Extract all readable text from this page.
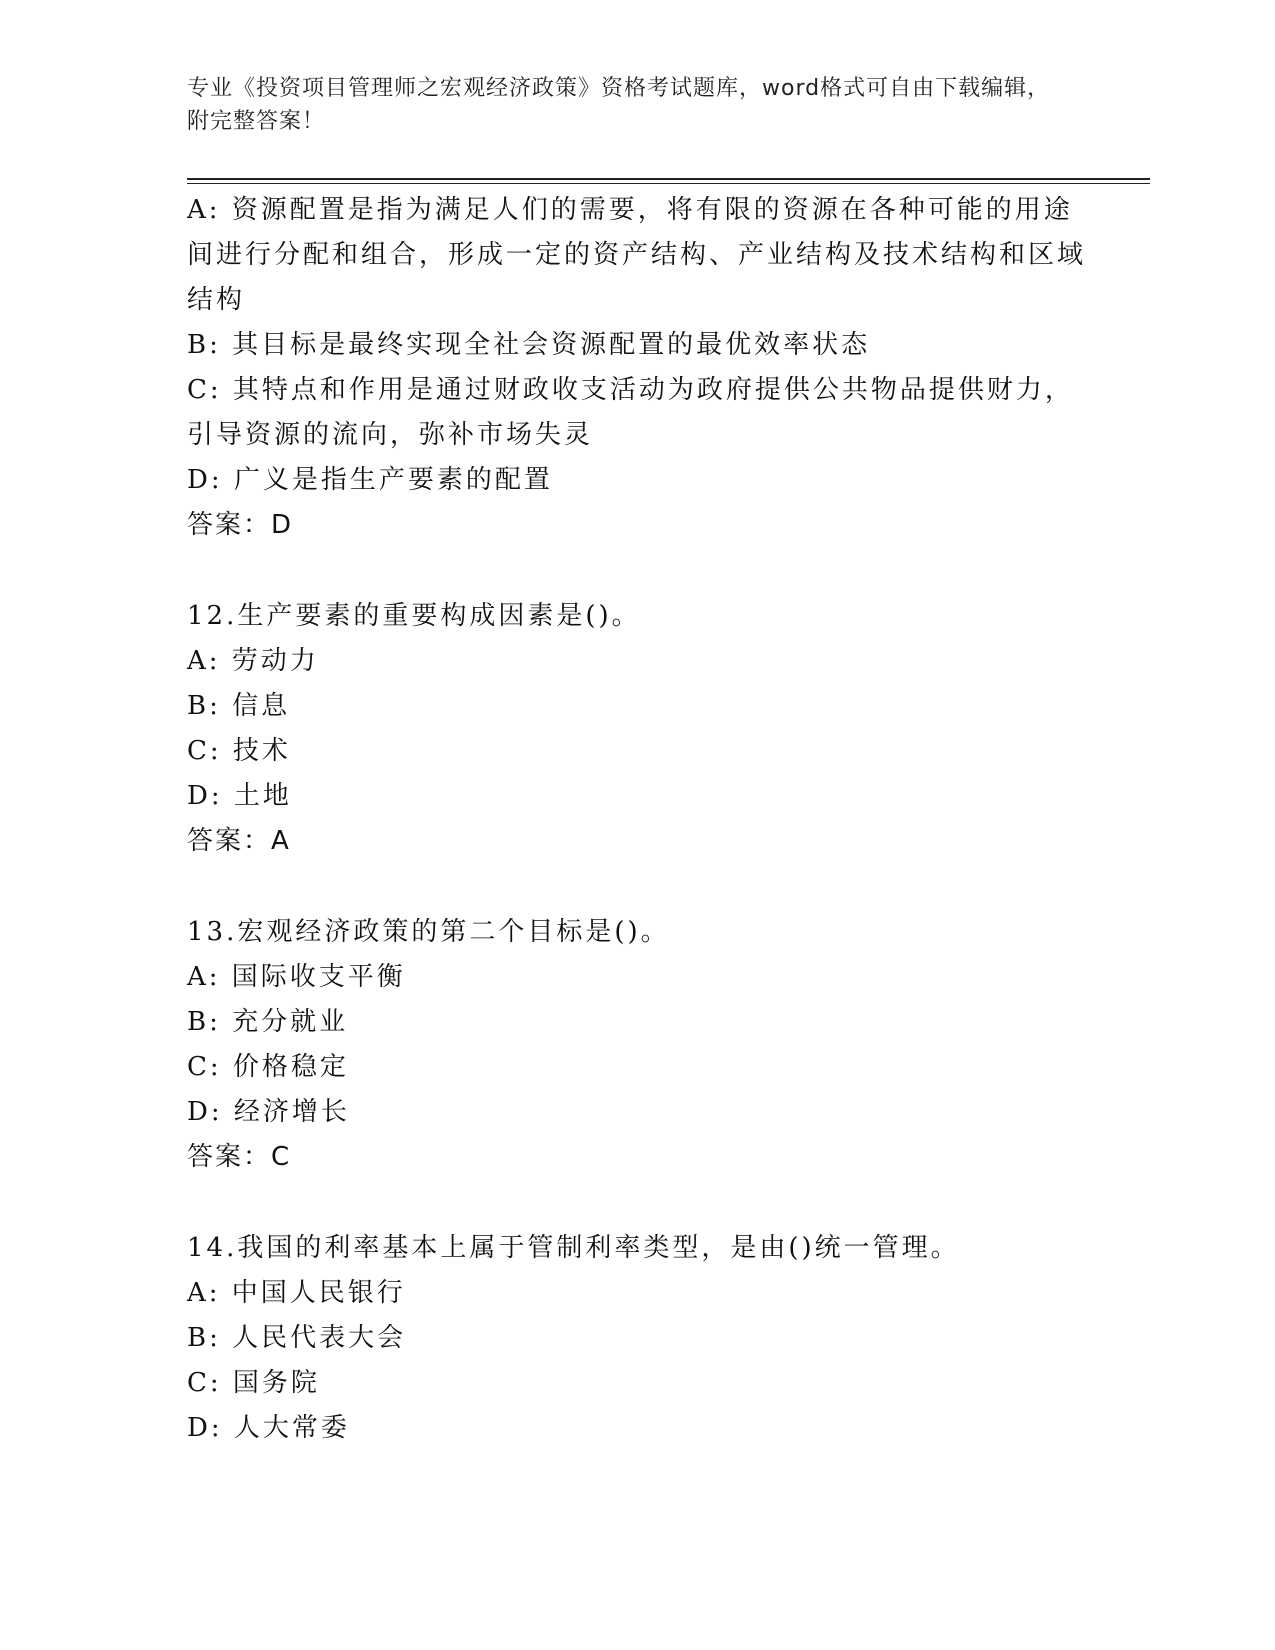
专业《投资项目管理师之宏观经济政策》资格考试题库，word格式可自由下载编辑，附完整答案！

A: 资源配置是指为满足人们的需要，将有限的资源在各种可能的用途间进行分配和组合，形成一定的资产结构、产业结构及技术结构和区域结构

B: 其目标是最终实现全社会资源配置的最优效率状态

C: 其特点和作用是通过财政收支活动为政府提供公共物品提供财力，引导资源的流向，弥补市场失灵

D: 广义是指生产要素的配置

答案：D

12.生产要素的重要构成因素是()。

A: 劳动力

B: 信息

C: 技术

D: 土地

答案：A

13.宏观经济政策的第二个目标是()。

A: 国际收支平衡

B: 充分就业

C: 价格稳定

D: 经济增长

答案：C

14.我国的利率基本上属于管制利率类型，是由()统一管理。

A: 中国人民银行

B: 人民代表大会

C: 国务院

D: 人大常委
